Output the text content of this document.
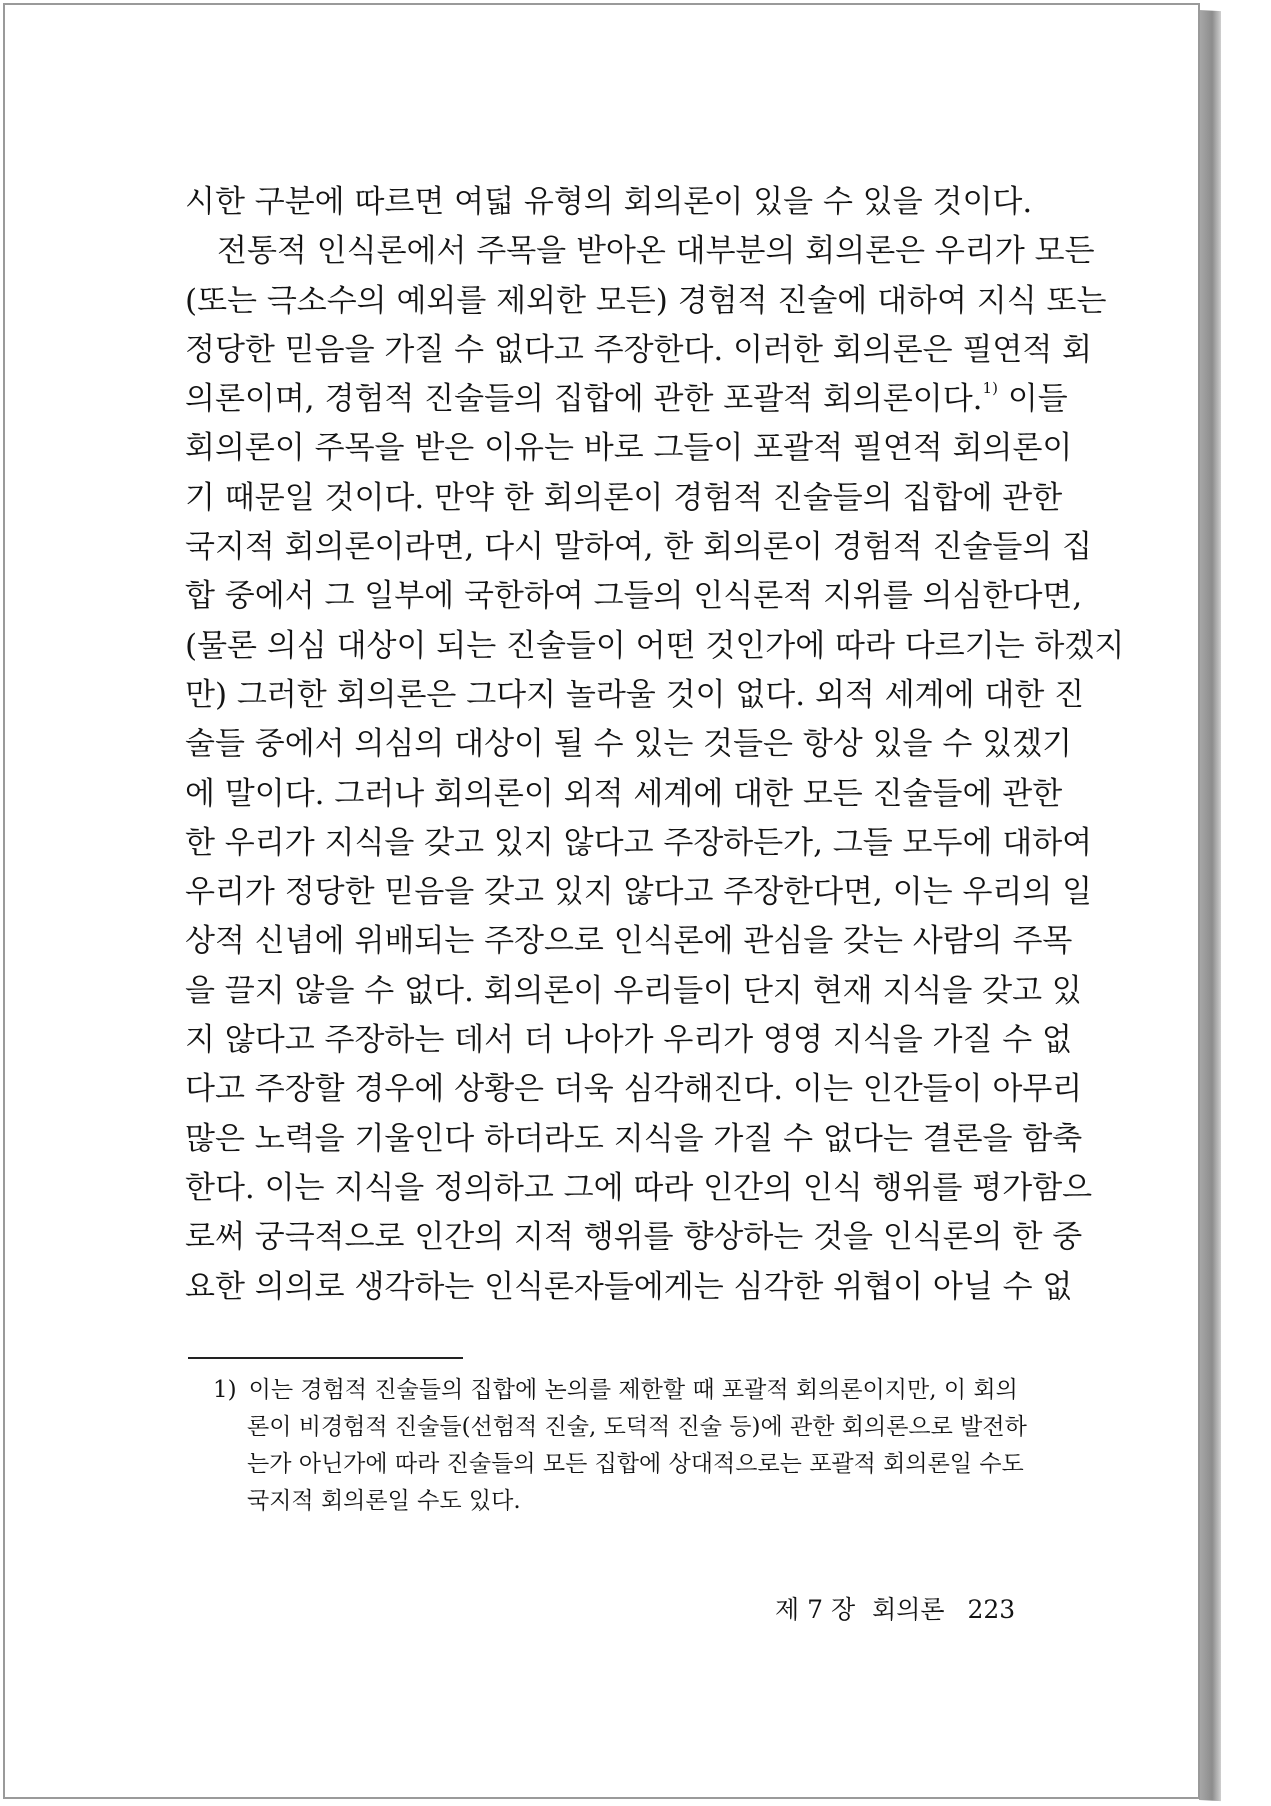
시한 구분에 따르면 여덟 유형의 회의론이 있을 수 있을 것이다.
전통적 인식론에서 주목을 받아온 대부분의 회의론은 우리가 모든
(또는 극소수의 예외를 제외한 모든) 경험적 진술에 대하여 지식 또는
정당한 믿음을 가질 수 없다고 주장한다. 이러한 회의론은 필연적 회
의론이며, 경험적 진술들의 집합에 관한 포괄적 회의론이다.$^{1)}$ 이들
회의론이 주목을 받은 이유는 바로 그들이 포괄적 필연적 회의론이
기 때문일 것이다. 만약 한 회의론이 경험적 진술들의 집합에 관한
국지적 회의론이라면, 다시 말하여, 한 회의론이 경험적 진술들의 집
합 중에서 그 일부에 국한하여 그들의 인식론적 지위를 의심한다면,
(물론 의심 대상이 되는 진술들이 어떤 것인가에 따라 다르기는 하겠지
만) 그러한 회의론은 그다지 놀라울 것이 없다. 외적 세계에 대한 진
술들 중에서 의심의 대상이 될 수 있는 것들은 항상 있을 수 있겠기
에 말이다. 그러나 회의론이 외적 세계에 대한 모든 진술들에 관한
한 우리가 지식을 갖고 있지 않다고 주장하든가, 그들 모두에 대하여
우리가 정당한 믿음을 갖고 있지 않다고 주장한다면, 이는 우리의 일
상적 신념에 위배되는 주장으로 인식론에 관심을 갖는 사람의 주목
을 끌지 않을 수 없다. 회의론이 우리들이 단지 현재 지식을 갖고 있
지 않다고 주장하는 데서 더 나아가 우리가 영영 지식을 가질 수 없
다고 주장할 경우에 상황은 더욱 심각해진다. 이는 인간들이 아무리
많은 노력을 기울인다 하더라도 지식을 가질 수 없다는 결론을 함축
한다. 이는 지식을 정의하고 그에 따라 인간의 인식 행위를 평가함으
로써 궁극적으로 인간의 지적 행위를 향상하는 것을 인식론의 한 중
요한 의의로 생각하는 인식론자들에게는 심각한 위협이 아닐 수 없
1) 이는 경험적 진술들의 집합에 논의를 제한할 때 포괄적 회의론이지만, 이 회의
론이 비경험적 진술들(선험적 진술, 도덕적 진술 등)에 관한 회의론으로 발전하
는가 아닌가에 따라 진술들의 모든 집합에 상대적으로는 포괄적 회의론일 수도
국지적 회의론일 수도 있다.
제 7 장 회의론 223
